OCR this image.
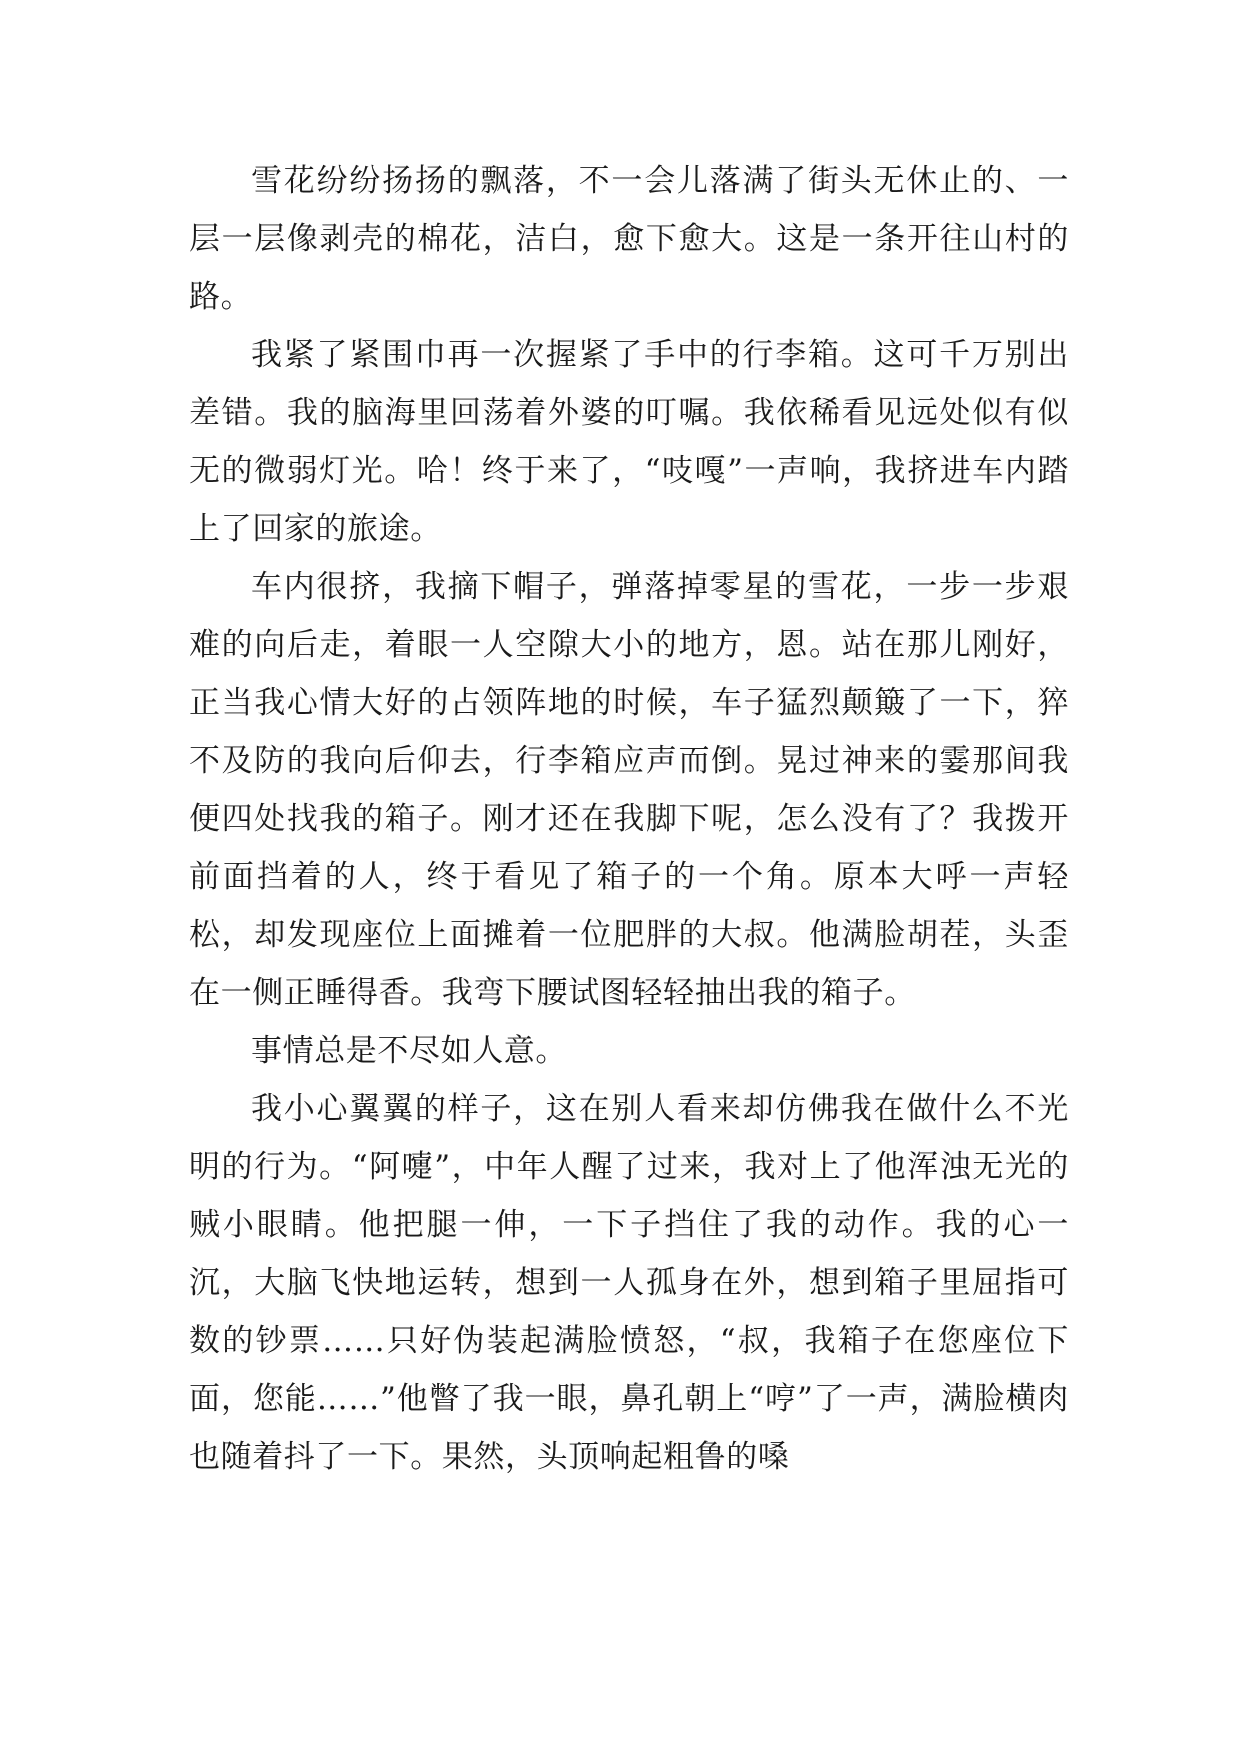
雪花纷纷扬扬的飘落，不一会儿落满了街头无休止的、一层一层像剥壳的棉花，洁白，愈下愈大。这是一条开往山村的路。

我紧了紧围巾再一次握紧了手中的行李箱。这可千万别出差错。我的脑海里回荡着外婆的叮嘱。我依稀看见远处似有似无的微弱灯光。哈！终于来了，“吱嘎”一声响，我挤进车内踏上了回家的旅途。

车内很挤，我摘下帽子，弹落掉零星的雪花，一步一步艰难的向后走，着眼一人空隙大小的地方，恩。站在那儿刚好，正当我心情大好的占领阵地的时候，车子猛烈颠簸了一下，猝不及防的我向后仰去，行李箱应声而倒。晃过神来的霎那间我便四处找我的箱子。刚才还在我脚下呢，怎么没有了？我拨开前面挡着的人，终于看见了箱子的一个角。原本大呼一声轻松，却发现座位上面摊着一位肥胖的大叔。他满脸胡茬，头歪在一侧正睡得香。我弯下腰试图轻轻抽出我的箱子。

事情总是不尽如人意。

我小心翼翼的样子，这在别人看来却仿佛我在做什么不光明的行为。“阿嚏”，中年人醒了过来，我对上了他浑浊无光的贼小眼睛。他把腿一伸，一下子挡住了我的动作。我的心一沉，大脑飞快地运转，想到一人孤身在外，想到箱子里屈指可数的钞票……只好伪装起满脸愤怒，“叔，我箱子在您座位下面，您能……”他瞥了我一眼，鼻孔朝上“哼”了一声，满脸横肉也随着抖了一下。果然，头顶响起粗鲁的嗓
